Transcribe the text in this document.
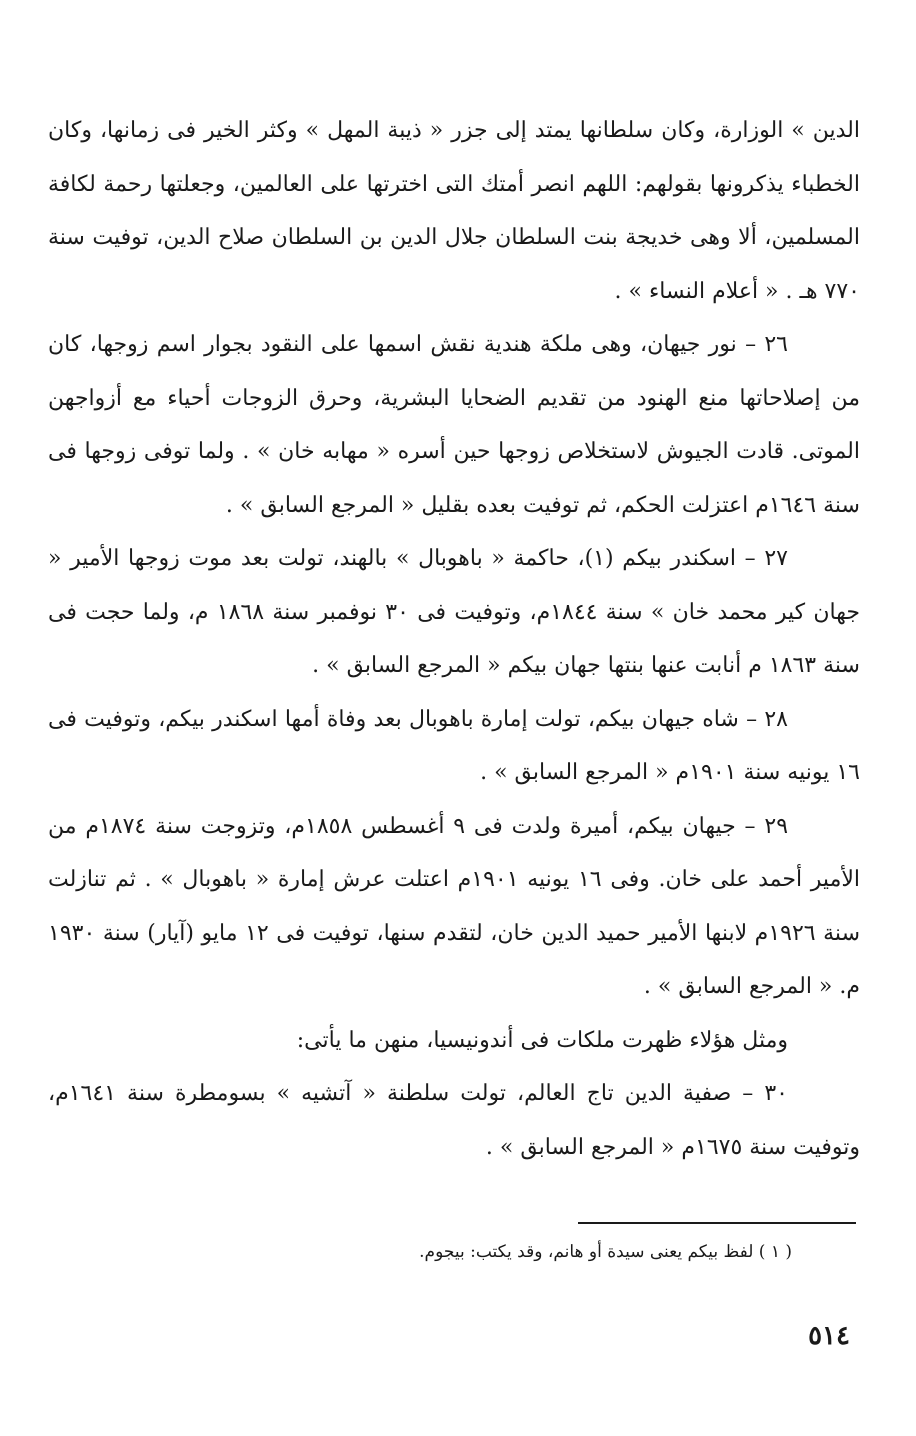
الدين » الوزارة، وكان سلطانها يمتد إلى جزر « ذيبة المهل » وكثر الخير فى زمانها، وكان الخطباء يذكرونها بقولهم: اللهم انصر أمتك التى اخترتها على العالمين، وجعلتها رحمة لكافة المسلمين، ألا وهى خديجة بنت السلطان جلال الدين بن السلطان صلاح الدين، توفيت سنة ٧٧٠ هـ . « أعلام النساء » .

٢٦ – نور جيهان، وهى ملكة هندية نقش اسمها على النقود بجوار اسم زوجها، كان من إصلاحاتها منع الهنود من تقديم الضحايا البشرية، وحرق الزوجات أحياء مع أزواجهن الموتى. قادت الجيوش لاستخلاص زوجها حين أسره « مهابه خان » . ولما توفى زوجها فى سنة ١٦٤٦م اعتزلت الحكم، ثم توفيت بعده بقليل « المرجع السابق » .

٢٧ – اسكندر بيكم (١)، حاكمة « باهوبال » بالهند، تولت بعد موت زوجها الأمير « جهان كير محمد خان » سنة ١٨٤٤م، وتوفيت فى ٣٠ نوفمبر سنة ١٨٦٨ م، ولما حجت فى سنة ١٨٦٣ م أنابت عنها بنتها جهان بيكم « المرجع السابق » .

٢٨ – شاه جيهان بيكم، تولت إمارة باهوبال بعد وفاة أمها اسكندر بيكم، وتوفيت فى ١٦ يونيه سنة ١٩٠١م « المرجع السابق » .

٢٩ – جيهان بيكم، أميرة ولدت فى ٩ أغسطس ١٨٥٨م، وتزوجت سنة ١٨٧٤م من الأمير أحمد على خان. وفى ١٦ يونيه ١٩٠١م اعتلت عرش إمارة « باهوبال » . ثم تنازلت سنة ١٩٢٦م لابنها الأمير حميد الدين خان، لتقدم سنها، توفيت فى ١٢ مايو (آيار) سنة ١٩٣٠ م. « المرجع السابق » .

ومثل هؤلاء ظهرت ملكات فى أندونيسيا، منهن ما يأتى:

٣٠ – صفية الدين تاج العالم، تولت سلطنة « آتشيه » بسومطرة سنة ١٦٤١م، وتوفيت سنة ١٦٧٥م « المرجع السابق » .

( ١ ) لفظ بيكم يعنى سيدة أو هانم، وقد يكتب: بيجوم.
٥١٤
